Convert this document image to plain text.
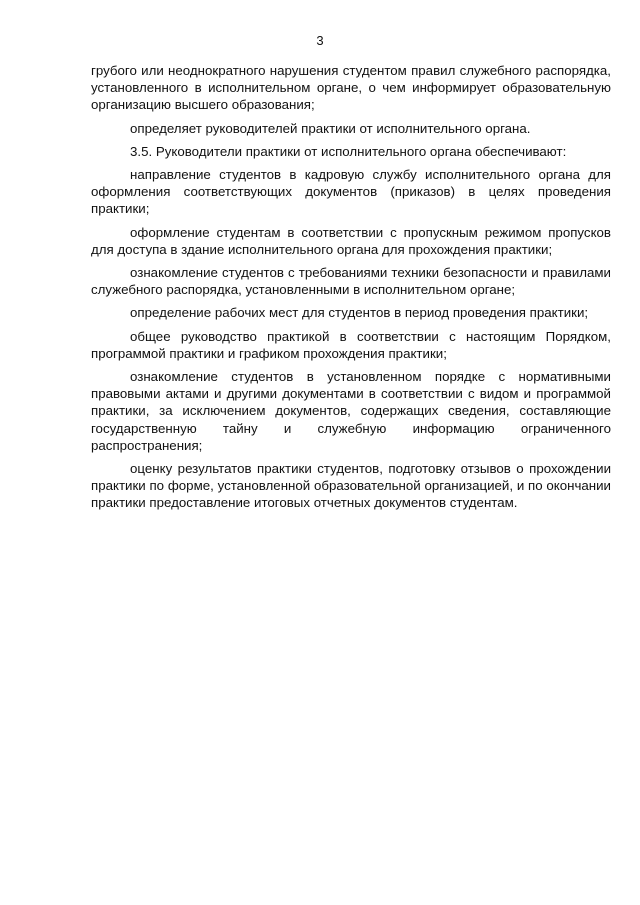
3

грубого или неоднократного нарушения студентом правил служебного распорядка, установленного в исполнительном органе, о чем информирует образовательную организацию высшего образования;

определяет руководителей практики от исполнительного органа.

3.5. Руководители практики от исполнительного органа обеспечивают:

направление студентов в кадровую службу исполнительного органа для оформления соответствующих документов (приказов) в целях проведения практики;

оформление студентам в соответствии с пропускным режимом пропусков для доступа в здание исполнительного органа для прохождения практики;

ознакомление студентов с требованиями техники безопасности и правилами служебного распорядка, установленными в исполнительном органе;

определение рабочих мест для студентов в период проведения практики;

общее руководство практикой в соответствии с настоящим Порядком, программой практики и графиком прохождения практики;

ознакомление студентов в установленном порядке с нормативными правовыми актами и другими документами в соответствии с видом и программой практики, за исключением документов, содержащих сведения, составляющие государственную тайну и служебную информацию ограниченного распространения;

оценку результатов практики студентов, подготовку отзывов о прохождении практики по форме, установленной образовательной организацией, и по окончании практики предоставление итоговых отчетных документов студентам.
